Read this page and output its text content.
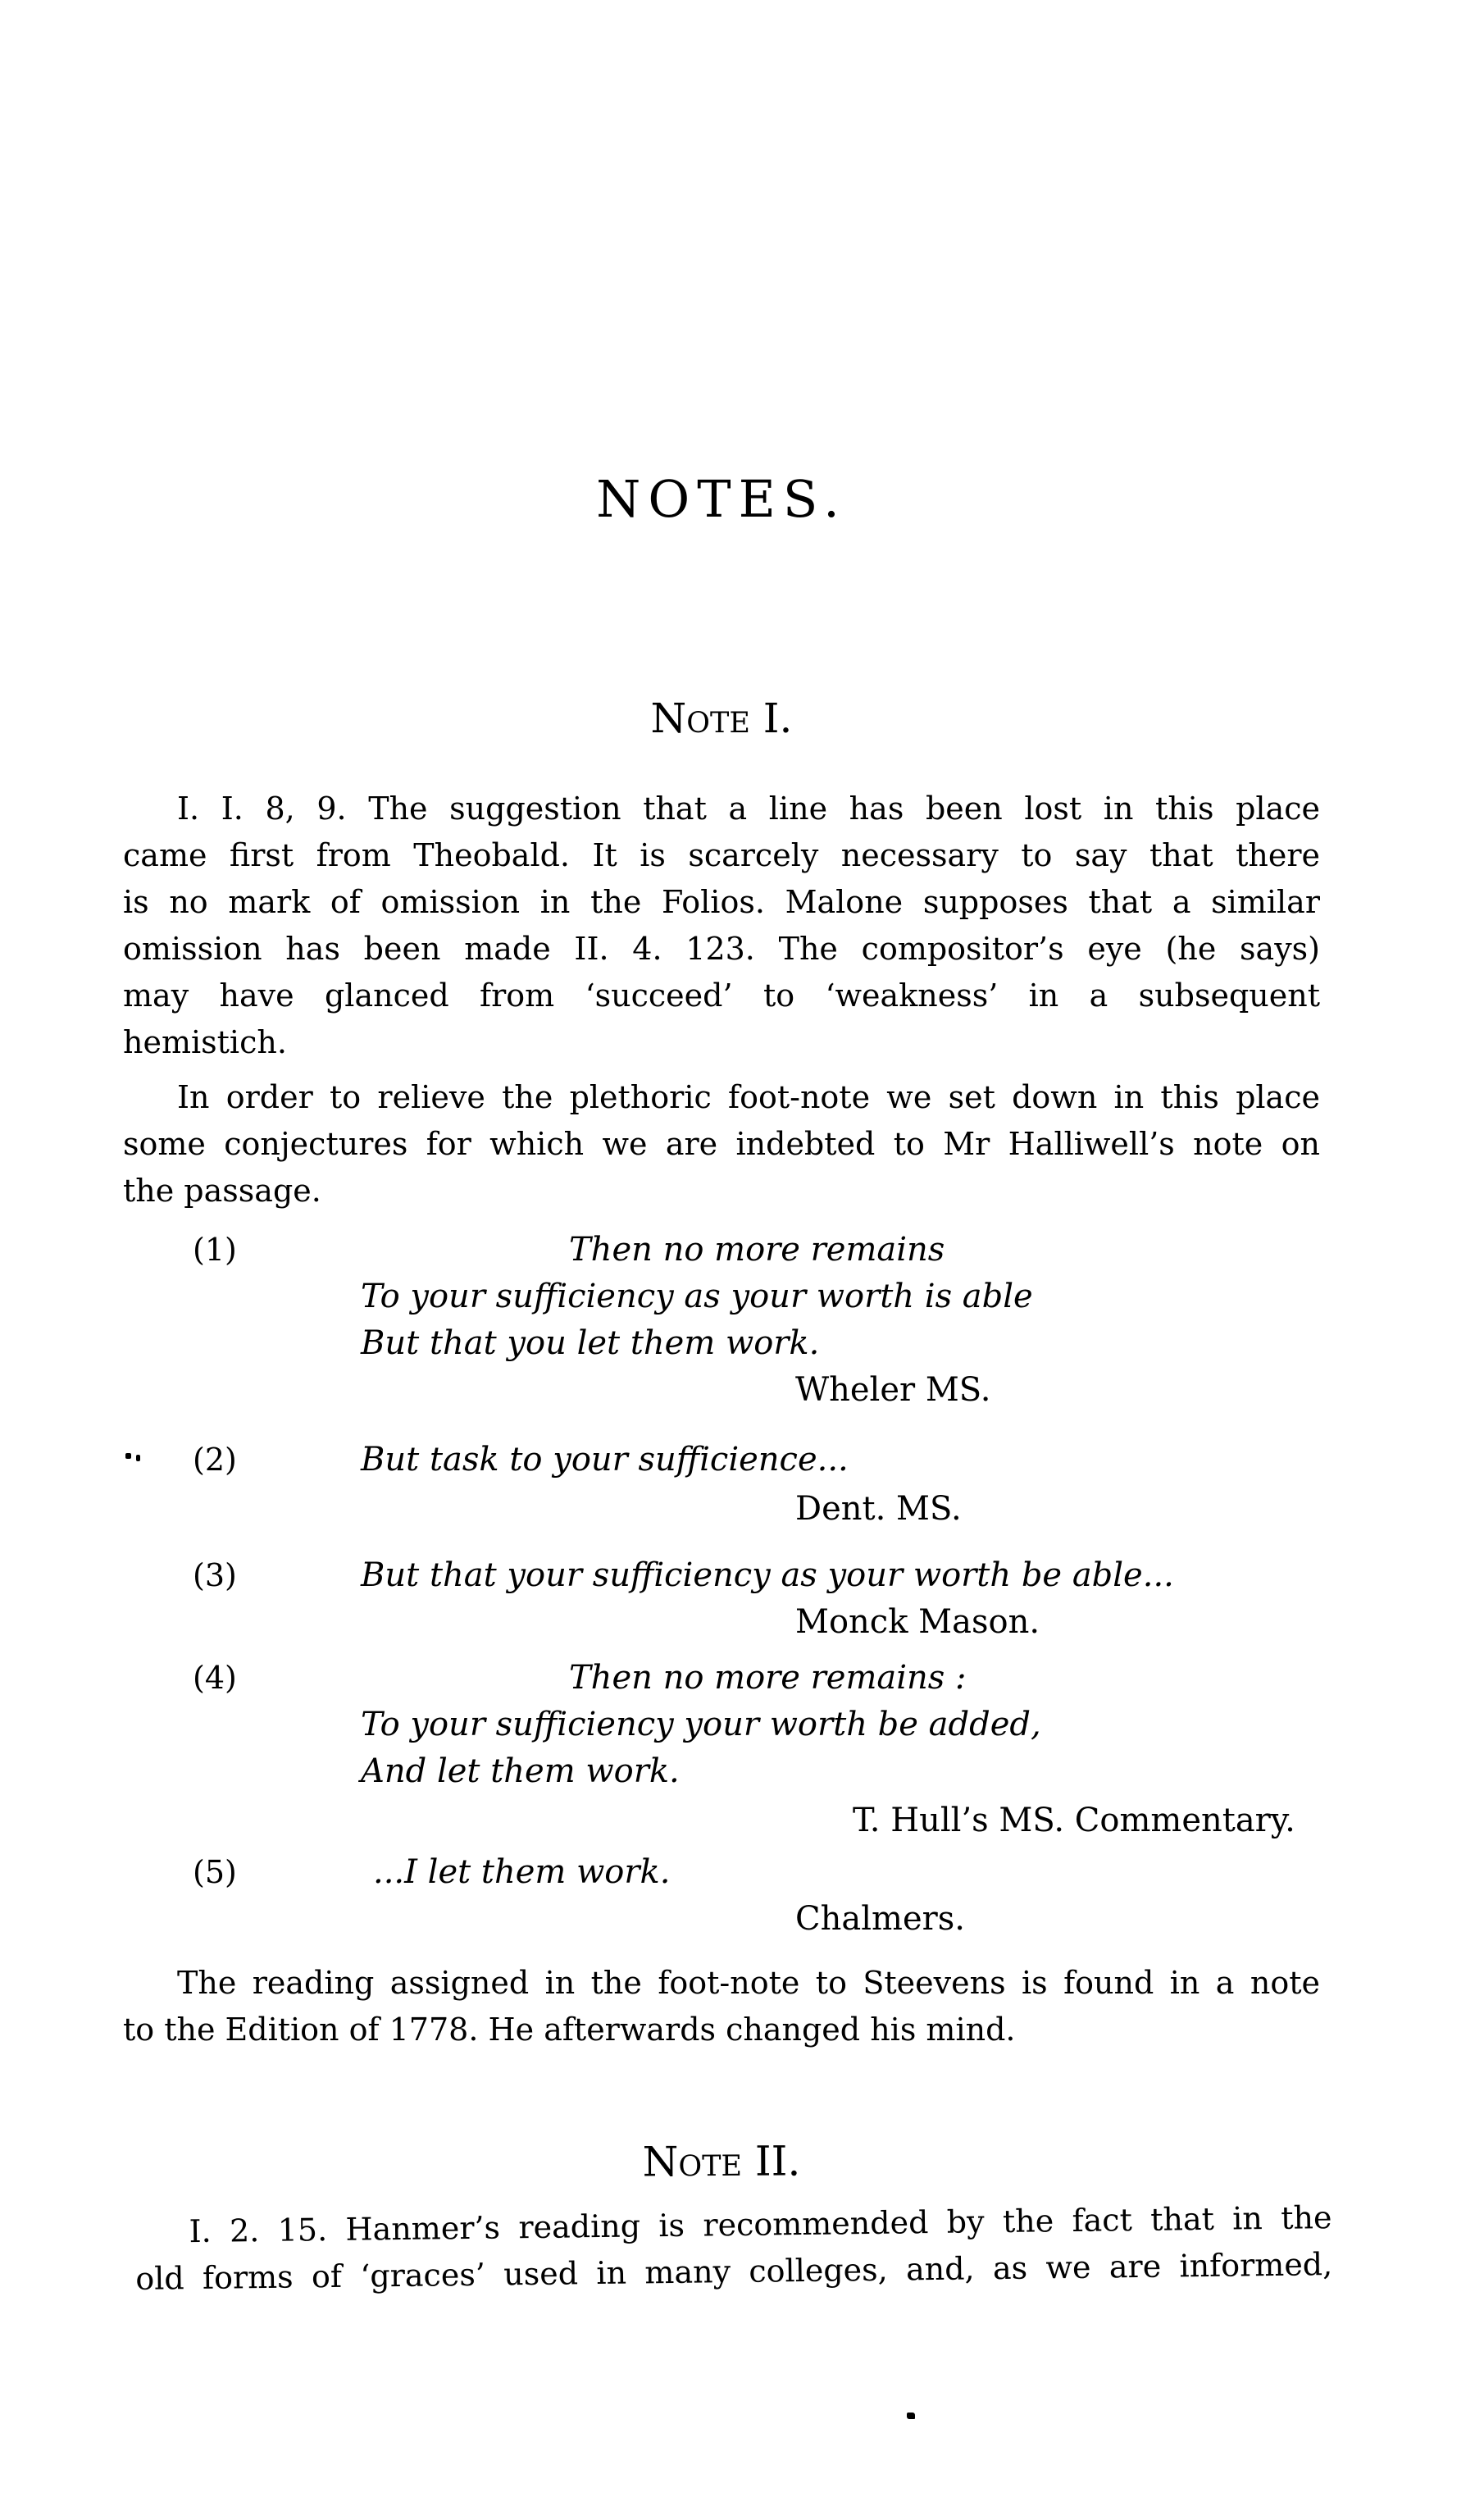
NOTES.
Note I.
I. I. 8, 9. The suggestion that a line has been lost in this place
came first from Theobald. It is scarcely necessary to say that there
is no mark of omission in the Folios. Malone supposes that a similar
omission has been made II. 4. 123. The compositor’s eye (he says)
may have glanced from ‘succeed’ to ‘weakness’ in a subsequent
hemistich.
In order to relieve the plethoric foot-note we set down in this place
some conjectures for which we are indebted to Mr Halliwell’s note on
the passage.
(1)	Then no more remains
To your sufficiency as your worth is able
But that you let them work.
Wheler MS.
(2)	But task to your sufficience...
Dent. MS.
(3)	But that your sufficiency as your worth be able...
Monck Mason.
(4)	Then no more remains :
To your sufficiency your worth be added,
And let them work.
T. Hull’s MS. Commentary.
(5)	...I let them work.
Chalmers.
The reading assigned in the foot-note to Steevens is found in a note
to the Edition of 1778. He afterwards changed his mind.
Note II.
I. 2. 15. Hanmer’s reading is recommended by the fact that in the
old forms of ‘graces’ used in many colleges, and, as we are informed,
